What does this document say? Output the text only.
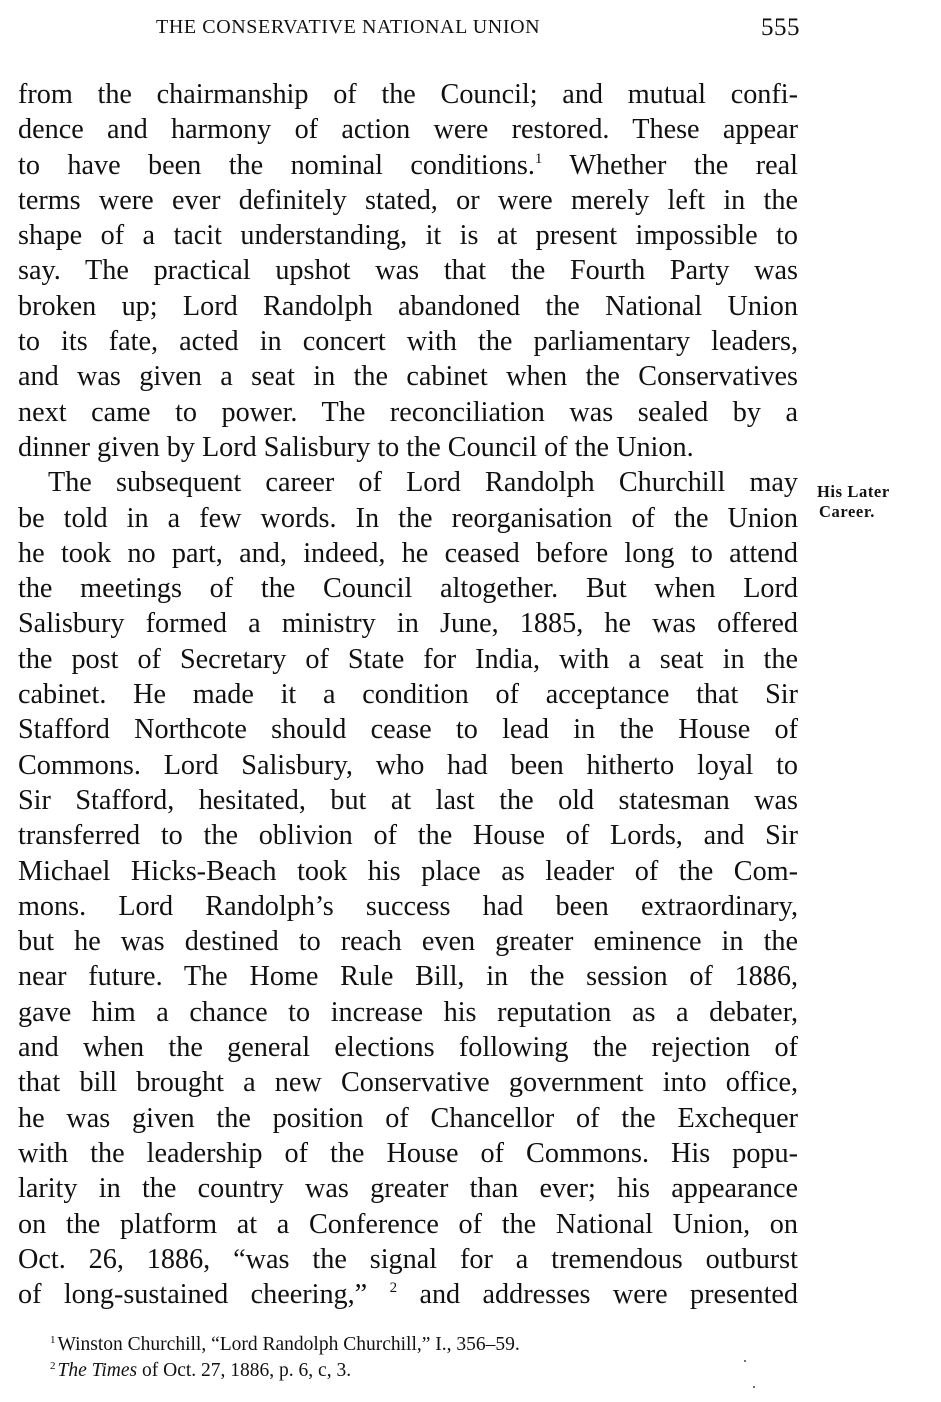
THE CONSERVATIVE NATIONAL UNION	555
from the chairmanship of the Council; and mutual confi-
dence and harmony of action were restored. These appear
to have been the nominal conditions.$^1$ Whether the real
terms were ever definitely stated, or were merely left in the
shape of a tacit understanding, it is at present impossible to
say. The practical upshot was that the Fourth Party was
broken up; Lord Randolph abandoned the National Union
to its fate, acted in concert with the parliamentary leaders,
and was given a seat in the cabinet when the Conservatives
next came to power. The reconciliation was sealed by a
dinner given by Lord Salisbury to the Council of the Union.
The subsequent career of Lord Randolph Churchill may
be told in a few words. In the reorganisation of the Union
he took no part, and, indeed, he ceased before long to attend
the meetings of the Council altogether. But when Lord
Salisbury formed a ministry in June, 1885, he was offered
the post of Secretary of State for India, with a seat in the
cabinet. He made it a condition of acceptance that Sir
Stafford Northcote should cease to lead in the House of
Commons. Lord Salisbury, who had been hitherto loyal to
Sir Stafford, hesitated, but at last the old statesman was
transferred to the oblivion of the House of Lords, and Sir
Michael Hicks-Beach took his place as leader of the Com-
mons. Lord Randolph’s success had been extraordinary,
but he was destined to reach even greater eminence in the
near future. The Home Rule Bill, in the session of 1886,
gave him a chance to increase his reputation as a debater,
and when the general elections following the rejection of
that bill brought a new Conservative government into office,
he was given the position of Chancellor of the Exchequer
with the leadership of the House of Commons. His popu-
larity in the country was greater than ever; his appearance
on the platform at a Conference of the National Union, on
Oct. 26, 1886, “was the signal for a tremendous outburst
of long-sustained cheering,” $^2$ and addresses were presented
His Later
Career.
$^1$ Winston Churchill, “Lord Randolph Churchill,” I., 356–59.
$^2$ The Times of Oct. 27, 1886, p. 6, c, 3.
